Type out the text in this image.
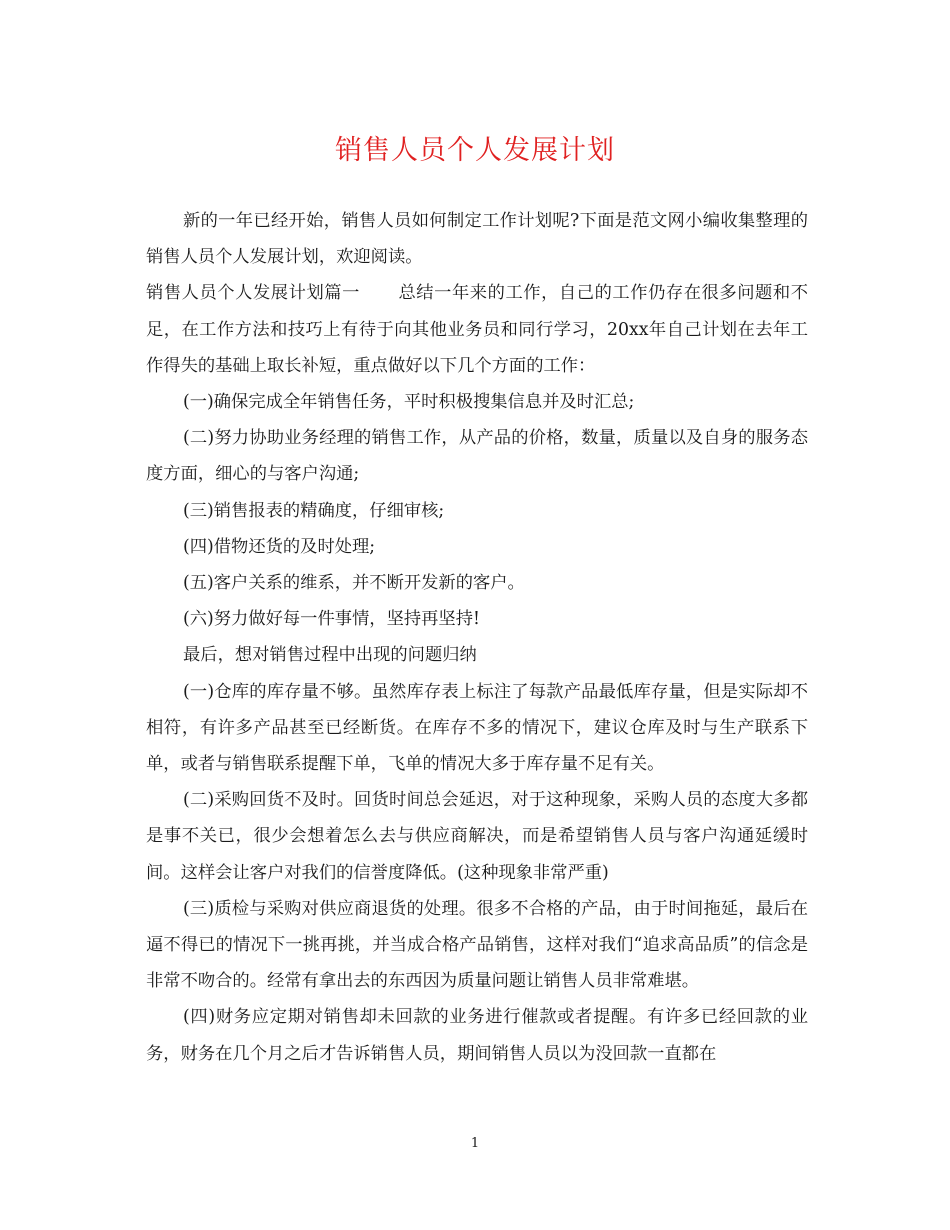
销售人员个人发展计划

新的一年已经开始，销售人员如何制定工作计划呢?下面是范文网小编收集整理的销售人员个人发展计划，欢迎阅读。

销售人员个人发展计划篇一 总结一年来的工作，自己的工作仍存在很多问题和不足，在工作方法和技巧上有待于向其他业务员和同行学习，20xx年自己计划在去年工作得失的基础上取长补短，重点做好以下几个方面的工作：

(一)确保完成全年销售任务，平时积极搜集信息并及时汇总;

(二)努力协助业务经理的销售工作，从产品的价格，数量，质量以及自身的服务态度方面，细心的与客户沟通;

(三)销售报表的精确度，仔细审核;

(四)借物还货的及时处理;

(五)客户关系的维系，并不断开发新的客户。

(六)努力做好每一件事情，坚持再坚持!

最后，想对销售过程中出现的问题归纳

(一)仓库的库存量不够。虽然库存表上标注了每款产品最低库存量，但是实际却不相符，有许多产品甚至已经断货。在库存不多的情况下，建议仓库及时与生产联系下单，或者与销售联系提醒下单，飞单的情况大多于库存量不足有关。

(二)采购回货不及时。回货时间总会延迟，对于这种现象，采购人员的态度大多都是事不关已，很少会想着怎么去与供应商解决，而是希望销售人员与客户沟通延缓时间。这样会让客户对我们的信誉度降低。(这种现象非常严重)

(三)质检与采购对供应商退货的处理。很多不合格的产品，由于时间拖延，最后在逼不得已的情况下一挑再挑，并当成合格产品销售，这样对我们“追求高品质”的信念是非常不吻合的。经常有拿出去的东西因为质量问题让销售人员非常难堪。

(四)财务应定期对销售却未回款的业务进行催款或者提醒。有许多已经回款的业务，财务在几个月之后才告诉销售人员，期间销售人员以为没回款一直都在

1
